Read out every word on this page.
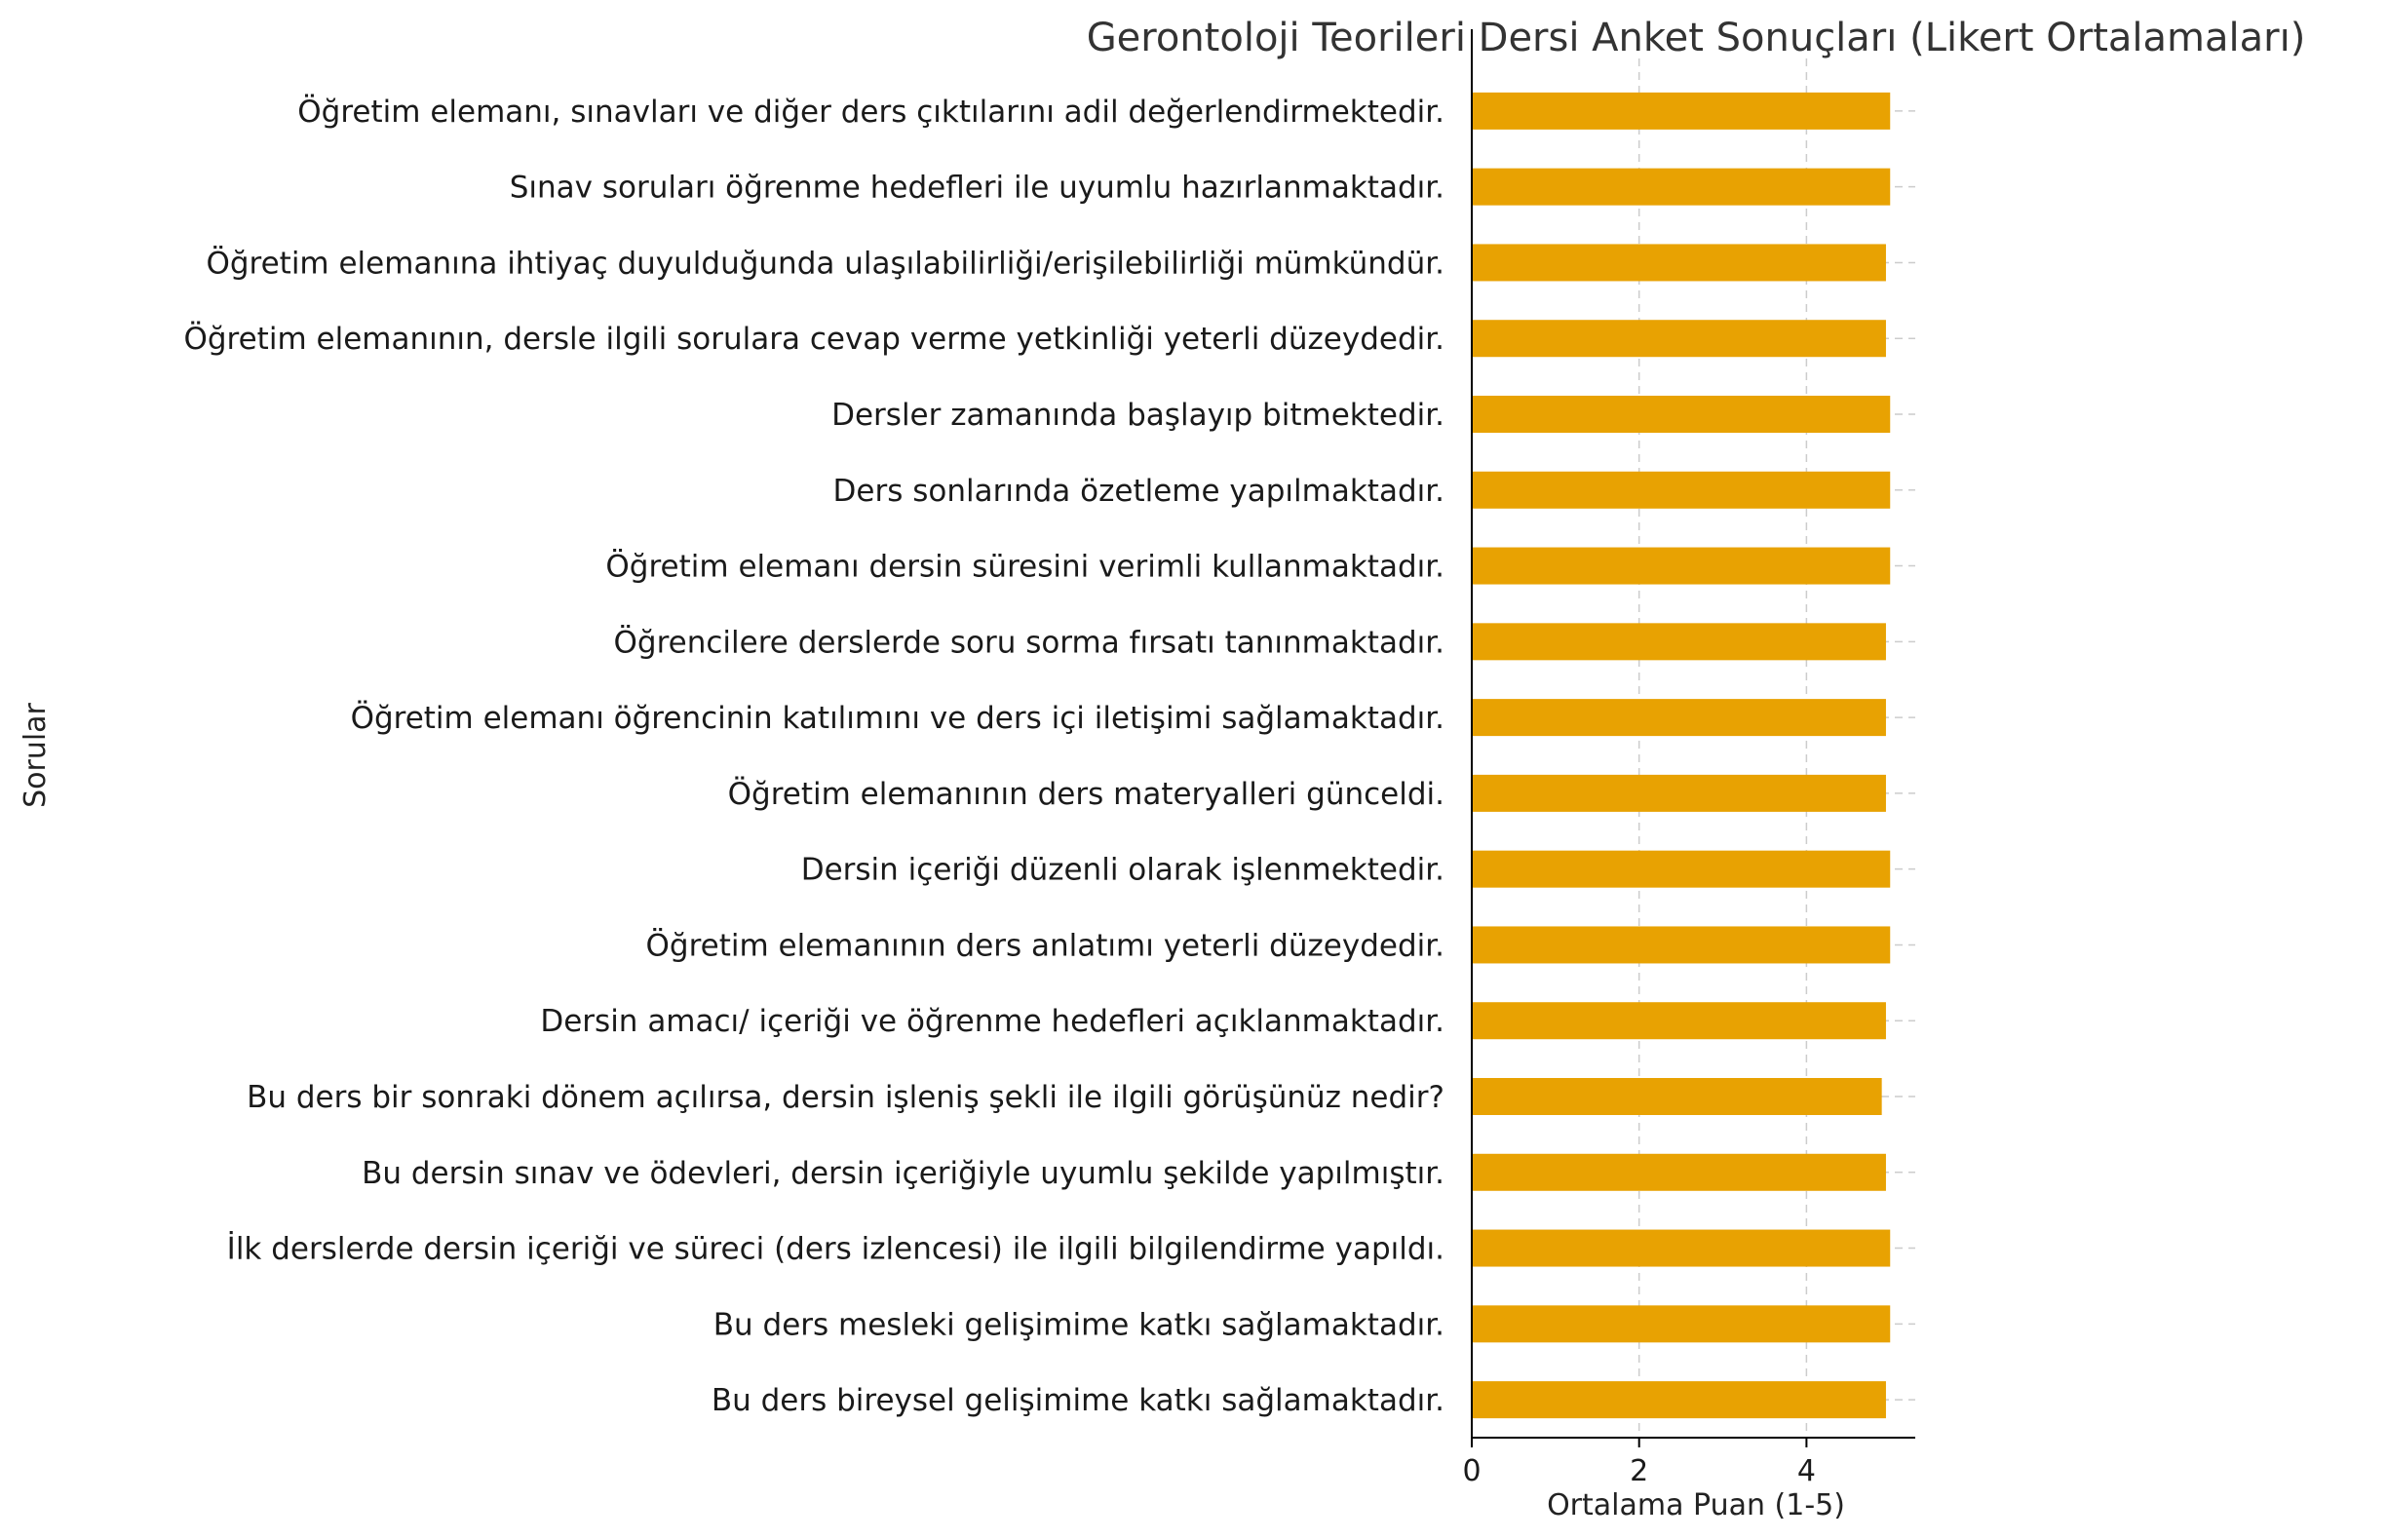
Gerontoloji Teorileri Dersi Anket Sonuçları (Likert Ortalamaları)
Bu ders bireysel gelişimime katkı sağlamaktadır.
Bu ders mesleki gelişimime katkı sağlamaktadır.
İlk derslerde dersin içeriği ve süreci (ders izlencesi) ile ilgili bilgilendirme yapıldı.
Bu dersin sınav ve ödevleri, dersin içeriğiyle uyumlu şekilde yapılmıştır.
Bu ders bir sonraki dönem açılırsa, dersin işleniş şekli ile ilgili görüşünüz nedir?
Dersin amacı/ içeriği ve öğrenme hedefleri açıklanmaktadır.
Öğretim elemanının ders anlatımı yeterli düzeydedir.
Dersin içeriği düzenli olarak işlenmektedir.
Öğretim elemanının ders materyalleri günceldi.
Öğretim elemanı öğrencinin katılımını ve ders içi iletişimi sağlamaktadır.
Öğrencilere derslerde soru sorma fırsatı tanınmaktadır.
Öğretim elemanı dersin süresini verimli kullanmaktadır.
Ders sonlarında özetleme yapılmaktadır.
Dersler zamanında başlayıp bitmektedir.
Öğretim elemanının, dersle ilgili sorulara cevap verme yetkinliği yeterli düzeydedir.
Öğretim elemanına ihtiyaç duyulduğunda ulaşılabilirliği/erişilebilirliği mümkündür.
Sınav soruları öğrenme hedefleri ile uyumlu hazırlanmaktadır.
Öğretim elemanı, sınavları ve diğer ders çıktılarını adil değerlendirmektedir.
0	2	4
Ortalama Puan (1-5)
Sorular
